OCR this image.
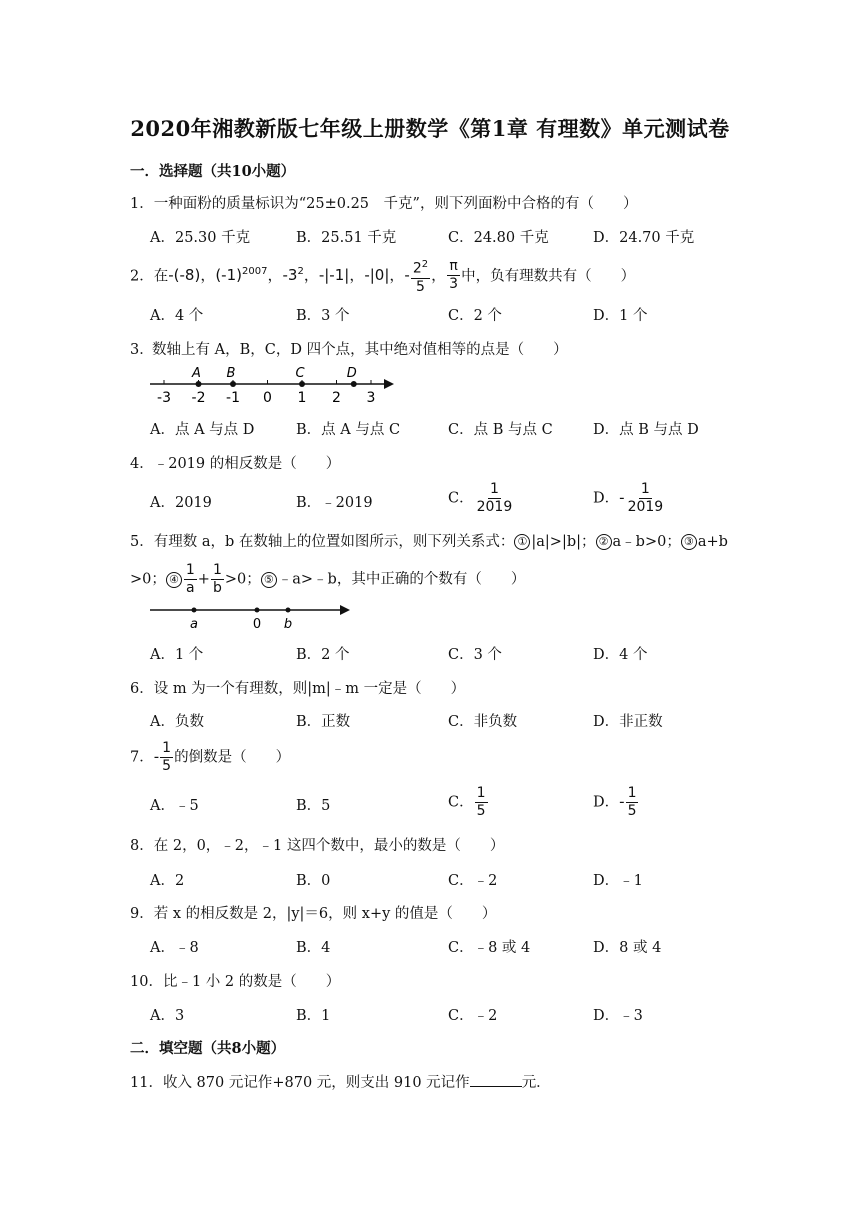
2020年湘教新版七年级上册数学《第1章 有理数》单元测试卷
一．选择题（共10小题）
1．一种面粉的质量标识为“25±0.25　千克”，则下列面粉中合格的有（　　）
A．25.30 千克	B．25.51 千克	C．24.80 千克	D．24.70 千克
2．在-(-8)，$(-1)^{2007}$，$-3^2$，-|-1|，-|0|，- $\frac{2^2}{5}$ ， $\frac{\pi}{3}$ 中，负有理数共有（　　）
A．4 个	B．3 个	C．2 个	D．1 个
3．
数轴上有 A，B，C，D 四个点，其中绝对值相等的点是（　　）
-3 -2 -1 0 1 2 3
A B	C	D
A．点 A 与点 D	B．点 A 与点 C	C．点 B 与点 C	D．点 B 与点 D
4．﹣2019 的相反数是（　　）
A．2019	B．﹣2019	C． $\frac{1}{2019}$	D．- $\frac{1}{2019}$
5．有理数 a，b 在数轴上的位置如图所示，则下列关系式： ① |a|>|b|； ② a﹣b>0； ③ a+b
>0； ④ $\frac{1}{a} + \frac{1}{b} >0$； ⑤ ﹣a>﹣b，其中正确的个数有（　　）
a	0 b
A．1 个	B．2 个	C．3 个	D．4 个
6．设 m 为一个有理数，则|m|﹣m 一定是（　　）
A．负数	B．正数	C．非负数	D．非正数
7．- $\frac{1}{5}$ 的倒数是（　　）
A．﹣5	B．5	C． $\frac{1}{5}$	D．- $\frac{1}{5}$
8．在 2，0，﹣2，﹣1 这四个数中，最小的数是（　　）
A．2	B．0	C．﹣2	D．﹣1
9．若 x 的相反数是 2，|y|＝6，则 x+y 的值是（　　）
A．﹣8	B．4	C．﹣8 或 4	D．8 或 4
10．比﹣1 小 2 的数是（　　）
A．3	B．1	C．﹣2	D．﹣3
二．填空题（共8小题）
11．收入 870 元记作+870 元，则支出 910 元记作	元．
